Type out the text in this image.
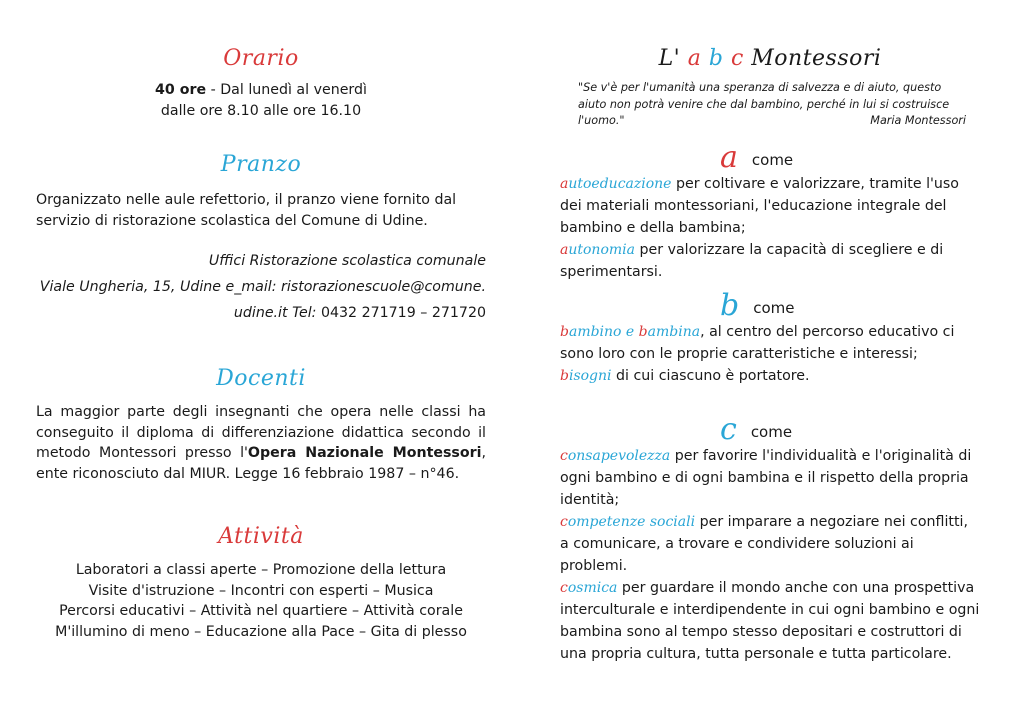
Orario
40 ore - Dal lunedì al venerdì
dalle ore 8.10 alle ore 16.10
Pranzo
Organizzato nelle aule refettorio, il pranzo viene fornito dal servizio di ristorazione scolastica del Comune di Udine.
Uffici Ristorazione scolastica comunale
Viale Ungheria, 15, Udine e_mail: ristorazionescuole@comune.
udine.it Tel: 0432 271719 – 271720
Docenti
La maggior parte degli insegnanti che opera nelle classi ha conseguito il diploma di differenziazione didattica secondo il metodo Montessori presso l'Opera Nazionale Montessori, ente riconosciuto dal MIUR. Legge 16 febbraio 1987 – n°46.
Attività
Laboratori a classi aperte – Promozione della lettura
Visite d'istruzione – Incontri con esperti – Musica
Percorsi educativi – Attività nel quartiere – Attività corale
M'illumino di meno – Educazione alla Pace – Gita di plesso
L' a b c Montessori
"Se v'è per l'umanità una speranza di salvezza e di aiuto, questo aiuto non potrà venire che dal bambino, perché in lui si costruisce l'uomo."	Maria Montessori
acome
autoeducazione per coltivare e valorizzare, tramite l'uso dei materiali montessoriani, l'educazione integrale del bambino e della bambina;
autonomia per valorizzare la capacità di scegliere e di sperimentarsi.
bcome
bambino e bambina, al centro del percorso educativo ci sono loro con le proprie caratteristiche e interessi;
bisogni di cui ciascuno è portatore.
ccome
consapevolezza per favorire l'individualità e l'originalità di ogni bambino e di ogni bambina e il rispetto della propria identità;
competenze sociali per imparare a negoziare nei conflitti, a comunicare, a trovare e condividere soluzioni ai problemi.
cosmica per guardare il mondo anche con una prospettiva interculturale e interdipendente in cui ogni bambino e ogni bambina sono al tempo stesso depositari e costruttori di una propria cultura, tutta personale e tutta particolare.
